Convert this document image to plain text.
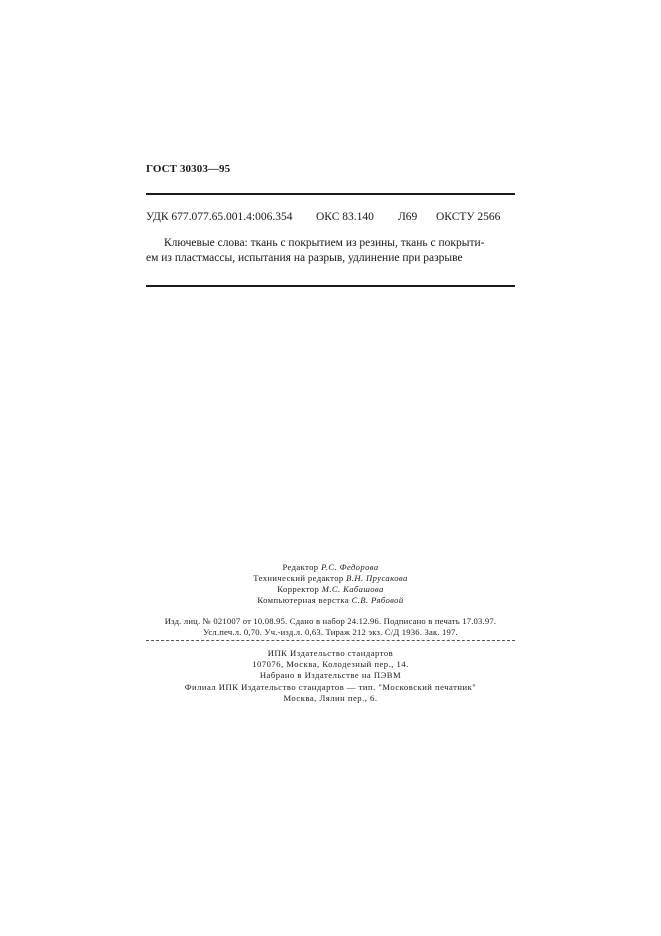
ГОСТ 30303—95
УДК 677.077.65.001.4:006.354 ОКС 83.140 Л69 ОКСТУ 2566
Ключевые слова: ткань с покрытием из резины, ткань с покрыти-
ем из пластмассы, испытания на разрыв, удлинение при разрыве
Редактор Р.С. Федорова
Технический редактор В.Н. Прусакова
Корректор М.С. Кабашова
Компьютерная верстка С.В. Рябовой
Изд. лиц. № 021007 от 10.08.95. Сдано в набор 24.12.96. Подписано в печать 17.03.97.
Усл.печ.л. 0,70. Уч.-изд.л. 0,63. Тираж 212 экз. С/Д 1936. Зак. 197.
ИПК Издательство стандартов
107076, Москва, Колодезный пер., 14.
Набрано в Издательстве на ПЭВМ
Филиал ИПК Издательство стандартов — тип. "Московский печатник"
Москва, Лялин пер., 6.
